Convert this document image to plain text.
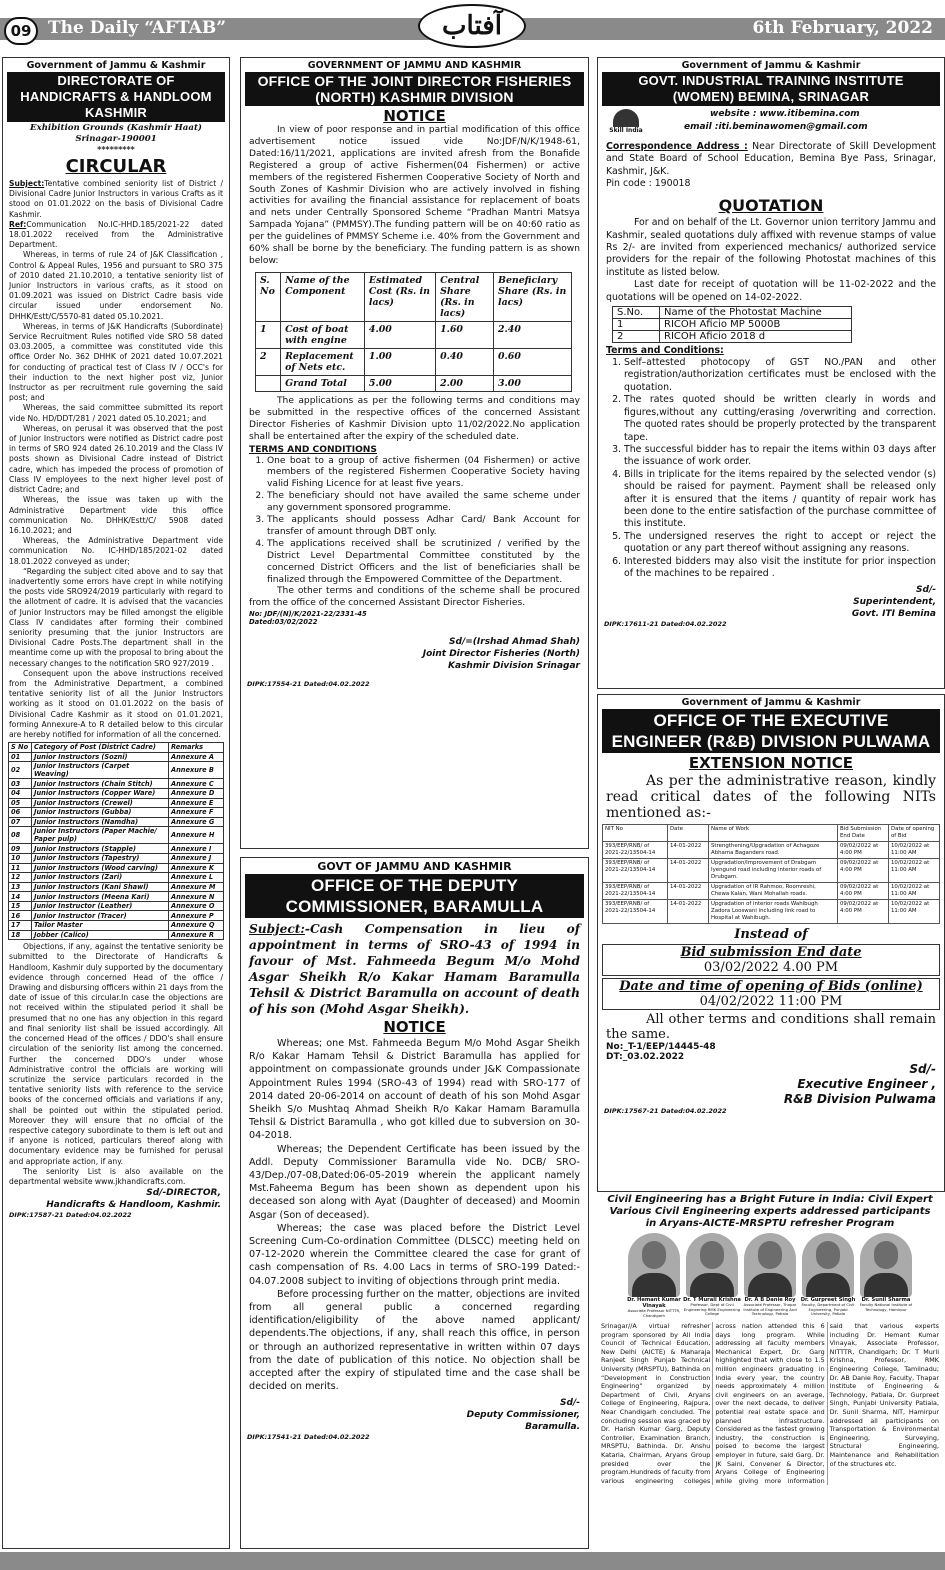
09 The Daily “AFTAB”	آفتاب	6th February, 2022
Government of Jammu & Kashmir
DIRECTORATE OF HANDICRAFTS & HANDLOOM KASHMIR
Exhibition Grounds (Kashmir Haat)
Srinagar-190001
*********
CIRCULAR

Subject:Tentative combined seniority list of District / Divisional Cadre Junior Instructors in various Crafts as it stood on 01.01.2022 on the basis of Divisional Cadre Kashmir.

Ref:Communication No.IC-HHD.185/2021-22 dated 18.01.2022 received from the Administrative Department.

Whereas, in terms of rule 24 of J&K Classification , Control & Appeal Rules, 1956 and pursuant to SRO 375 of 2010 dated 21.10.2010, a tentative seniority list of Junior Instructors in various crafts, as it stood on 01.09.2021 was issued on District Cadre basis vide circular issued under endorsement No. DHHK/Estt/C/5570-81 dated 05.10.2021.

Whereas, in terms of J&K Handicrafts (Subordinate) Service Recruitment Rules notified vide SRO 58 dated 03.03.2005, a committee was constituted vide this office Order No. 362 DHHK of 2021 dated 10.07.2021 for conducting of practical test of Class IV / OCC's for their induction to the next higher post viz, Junior Instructor as per recruitment rule governing the said post; and

Whereas, the said committee submitted its report vide No. HD/DDT/281 / 2021 dated 05.10.2021; and

Whereas, on perusal it was observed that the post of Junior Instructors were notified as District cadre post in terms of SRO 924 dated 26.10.2019 and the Class IV posts shown as Divisional Cadre instead of District cadre, which has impeded the process of promotion of Class IV employees to the next higher level post of district Cadre; and

Whereas, the issue was taken up with the Administrative Department vide this office communication No. DHHK/Estt/C/ 5908 dated 16.10.2021; and

Whereas, the Administrative Department vide communication No. IC-HHD/185/2021-02 dated 18.01.2022 conveyed as under;

“Regarding the subject cited above and to say that inadvertently some errors have crept in while notifying the posts vide SRO924/2019 particularly with regard to the allotment of cadre. It is advised that the vacancies of Junior Instructors may be filled amongst the eligible Class IV candidates after forming their combined seniority presuming that the junior Instructors are Divisional Cadre Posts.The department shall in the meantime come up with the proposal to bring about the necessary changes to the notification SRO 927/2019 .

Consequent upon the above instructions received from the Administrative Department, a combined tentative seniority list of all the Junior Instructors working as it stood on 01.01.2022 on the basis of Divisional Cadre Kashmir as it stood on 01.01.2021, forming Annexure-A to R detailed below to this circular are hereby notified for information of all the concerned.

S No	Category of Post (District Cadre)	Remarks
01	Junior Instructors (Sozni)	Annexure A
02	Junior Instructors (Carpet Weaving)	Annexure B
03	Junior Instructors (Chain Stitch)	Annexure C
04	Junior Instructors (Copper Ware)	Annexure D
05	Junior Instructors (Crewel)	Annexure E
06	Junior Instructors (Gubba)	Annexure F
07	Junior Instructors (Namdha)	Annexure G
08	Junior Instructors (Paper Machie/ Paper pulp)	Annexure H
09	Junior Instructors (Stapple)	Annexure I
10	Junior Instructors (Tapestry)	Annexure J
11	Junior Instructors (Wood carving)	Annexure K
12	Junior Instructors (Zari)	Annexure L
13	Junior Instructors (Kani Shawl)	Annexure M
14	Junior Instructors (Meena Kari)	Annexure N
15	Junior Instructor (Leather)	Annexure O
16	Junior Instructor (Tracer)	Annexure P
17	Tailor Master	Annexure Q
18	Jobber (Calico)	Annexure R

Objections, if any, against the tentative seniority be submitted to the Directorate of Handicrafts & Handloom, Kashmir duly supported by the documentary evidence through concerned Head of the office / Drawing and disbursing officers within 21 days from the date of issue of this circular.In case the objections are not received within the stipulated period it shall be presumed that no one has any objection in this regard and final seniority list shall be issued accordingly. All the concerned Head of the offices / DDO's shall ensure circulation of the seniority list among the concerned. Further the concerned DDO's under whose Administrative control the officials are working will scrutinize the service particulars recorded in the tentative seniority lists with reference to the service books of the concerned officials and variations if any, shall be pointed out within the stipulated period. Moreover they will ensure that no official of the respective category subordinate to them is left out and if anyone is noticed, particulars thereof along with documentary evidence may be furnished for perusal and appropriate action, if any.

The seniority List is also available on the departmental website www.jkhandicrafts.com.

Sd/-DIRECTOR,

Handicrafts & Handloom, Kashmir.

DIPK:17587-21 Dated:04.02.2022
GOVERNMENT OF JAMMU AND KASHMIR
OFFICE OF THE JOINT DIRECTOR FISHERIES (NORTH) KASHMIR DIVISION
NOTICE

In view of poor response and in partial modification of this office advertisement notice issued vide No:JDF/N/K/1948-61, Dated:16/11/2021, applications are invited afresh from the Bonafide Registered a group of active Fishermen(04 Fishermen) or active members of the registered Fishermen Cooperative Society of North and South Zones of Kashmir Division who are actively involved in fishing activities for availing the financial assistance for replacement of boats and nets under Centrally Sponsored Scheme “Pradhan Mantri Matsya Sampada Yojana” (PMMSY).The funding pattern will be on 40:60 ratio as per the guidelines of PMMSY Scheme i.e. 40% from the Government and 60% shall be borne by the beneficiary. The funding pattern is as shown below:

S. No	Name of the Component	Estimated Cost (Rs. in lacs)	Central Share (Rs. in lacs)	Beneficiary Share (Rs. in lacs)
1	Cost of boat with engine	4.00	1.60	2.40
2	Replacement of Nets etc.	1.00	0.40	0.60
	Grand Total	5.00	2.00	3.00

The applications as per the following terms and conditions may be submitted in the respective offices of the concerned Assistant Director Fisheries of Kashmir Division upto 11/02/2022.No application shall be entertained after the expiry of the scheduled date.

TERMS AND CONDITIONS

1. One boat to a group of active fishermen (04 Fishermen) or active members of the registered Fishermen Cooperative Society having valid Fishing Licence for at least five years.
2. The beneficiary should not have availed the same scheme under any government sponsored programme.
3. The applicants should possess Adhar Card/ Bank Account for transfer of amount through DBT only.
4. The applications received shall be scrutinized / verified by the District Level Departmental Committee constituted by the concerned District Officers and the list of beneficiaries shall be finalized through the Empowered Committee of the Department.

The other terms and conditions of the scheme shall be procured from the office of the concerned Assistant Director Fisheries.

No: JDF/(N)/K/2021-22/2331-45

Dated:03/02/2022

Sd/=(Irshad Ahmad Shah)

Joint Director Fisheries (North)

Kashmir Division Srinagar

DIPK:17554-21 Dated:04.02.2022
GOVT OF JAMMU AND KASHMIR
OFFICE OF THE DEPUTY COMMISSIONER, BARAMULLA

Subject:-Cash Compensation in lieu of appointment in terms of SRO-43 of 1994 in favour of Mst. Fahmeeda Begum M/o Mohd Asgar Sheikh R/o Kakar Hamam Baramulla Tehsil & District Baramulla on account of death of his son (Mohd Asgar Sheikh).

NOTICE

Whereas; one Mst. Fahmeeda Begum M/o Mohd Asgar Sheikh R/o Kakar Hamam Tehsil & District Baramulla has applied for appointment on compassionate grounds under J&K Compassionate Appointment Rules 1994 (SRO-43 of 1994) read with SRO-177 of 2014 dated 20-06-2014 on account of death of his son Mohd Asgar Sheikh S/o Mushtaq Ahmad Sheikh R/o Kakar Hamam Baramulla Tehsil & District Baramulla , who got killed due to subversion on 30-04-2018.

Whereas; the Dependent Certificate has been issued by the Addl. Deputy Commissioner Baramulla vide No. DCB/ SRO-43/Dep./07-08,Dated:06-05-2019 wherein the applicant namely Mst.Faheema Begum has been shown as dependent upon his deceased son along with Ayat (Daughter of deceased) and Moomin Asgar (Son of deceased).

Whereas; the case was placed before the District Level Screening Cum-Co-ordination Committee (DLSCC) meeting held on 07-12-2020 wherein the Committee cleared the case for grant of cash compensation of Rs. 4.00 Lacs in terms of SRO-199 Dated:- 04.07.2008 subject to inviting of objections through print media.

Before processing further on the matter, objections are invited from all general public a concerned regarding identification/eligibility of the above named applicant/ dependents.The objections, if any, shall reach this office, in person or through an authorized representative in written within 07 days from the date of publication of this notice. No objection shall be accepted after the expiry of stipulated time and the case shall be decided on merits.

Sd/-

Deputy Commissioner,

Baramulla.

DIPK:17541-21 Dated:04.02.2022
Government of Jammu & Kashmir
GOVT. INDUSTRIAL TRAINING INSTITUTE (WOMEN) BEMINA, SRINAGAR
Skill India
website : www.itibemina.com
email :iti.beminawomen@gmail.com

Correspondence Address : Near Directorate of Skill Development and State Board of School Education, Bemina Bye Pass, Srinagar, Kashmir, J&K.

Pin code : 190018

QUOTATION

For and on behalf of the Lt. Governor union territory Jammu and Kashmir, sealed quotations duly affixed with revenue stamps of value Rs 2/- are invited from experienced mechanics/ authorized service providers for the repair of the following Photostat machines of this institute as listed below.

Last date for receipt of quotation will be 11-02-2022 and the quotations will be opened on 14-02-2022.

S.No.	Name of the Photostat Machine
1	RICOH Aficio MP 5000B
2	RICOH Aficio 2018 d

Terms and Conditions:

1. Self–attested photocopy of GST NO./PAN and other registration/authorization certificates must be enclosed with the quotation.
2. The rates quoted should be written clearly in words and figures,without any cutting/erasing /overwriting and correction. The quoted rates should be properly protected by the transparent tape.
3. The successful bidder has to repair the items within 03 days after the issuance of work order.
4. Bills in triplicate for the items repaired by the selected vendor (s) should be raised for payment. Payment shall be released only after it is ensured that the items / quantity of repair work has been done to the entire satisfaction of the purchase committee of this institute.
5. The undersigned reserves the right to accept or reject the quotation or any part thereof without assigning any reasons.
6. Interested bidders may also visit the institute for prior inspection of the machines to be repaired .

Sd/-

Superintendent,

Govt. ITI Bemina

DIPK:17611-21 Dated:04.02.2022
Government of Jammu & Kashmir
OFFICE OF THE EXECUTIVE ENGINEER (R&B) DIVISION PULWAMA
EXTENSION NOTICE

As per the administrative reason, kindly read critical dates of the following NITs mentioned as:-

NIT No	Date	Name of Work	Bid Submission End Date	Date of opening of Bid
393/EEP/RNB/ of 2021-22/13504-14	14-01-2022	Strengthening/Upgradation of Achagoze Abhama Baganders road.	09/02/2022 at 4:00 PM	10/02/2022 at 11:00 AM
393/EEP/RNB/ of 2021-22/13504-14	14-01-2022	Upgradation/Improvement of Drabgam Iyengund road including interior roads of Drubgam.	09/02/2022 at 4:00 PM	10/02/2022 at 11:00 AM
393/EEP/RNB/ of 2021-22/13504-14	14-01-2022	Upgradation of IR Rahmoo, Roomreshi, Chewa Kalan, Wani Mohallah roads.	09/02/2022 at 4:00 PM	10/02/2022 at 11:00 AM
393/EEP/RNB/ of 2021-22/13504-14	14-01-2022	Upgradation of interior roads Wahibugh Zadora Looswani including link road to Hospital at Wahibugh.	09/02/2022 at 4:00 PM	10/02/2022 at 11:00 AM
Instead of
Bid submission End date
03/02/2022 4.00 PM
Date and time of opening of Bids (online)
04/02/2022 11:00 PM

All other terms and conditions shall remain the same.

No:_T-1/EEP/14445-48

DT:_03.02.2022

Sd/-

Executive Engineer ,

R&B Division Pulwama

DIPK:17567-21 Dated:04.02.2022
Civil Engineering has a Bright Future in India: Civil Expert Various Civil Engineering experts addressed participants in Aryans-AICTE-MRSPTU refresher Program
Dr. Hemant Kumar Vinayak
Associate Professor NITTTR, Chandigarh
Dr. T Murali Krishna
Professor, Dept of Civil Engineering RMK Engineering College
Dr. A B Danie Roy
Associate Professor, Thapar Institute of Engineering And Technology, Patiala
Dr. Gurpreet Singh
Faculty, Department of Civil Engineering, Punjabi University, Patiala
Dr. Sunil Sharma
Faculty National Institute of Technology, Hamirpur
Srinagar//A virtual refresher program sponsored by All India Council of Technical Education, New Delhi (AICTE) & Maharaja Ranjeet Singh Punjab Technical University (MRSPTU), Bathinda on “Development in Construction Engineering” organized by Department of Civil, Aryans College of Engineering, Rajpura, Near Chandigarh concluded. The concluding session was graced by Dr. Harish Kumar Garg, Deputy Controller, Examination Branch, MRSPTU, Bathinda. Dr. Anshu Kataria, Chairman, Aryans Group presided over the program.Hundreds of faculty from various engineering colleges across nation attended this 6 days long program. While addressing all faculty members Mechanical Expert, Dr. Garg highlighted that with close to 1.5 million engineers graduating in India every year, the country needs approximately 4 million civil engineers on an average, over the next decade, to deliver potential real estate space and planned infrastructure. Considered as the fastest growing industry, the construction is poised to become the largest employer in future, said Garg. Dr. JK Saini, Convener & Director, Aryans College of Engineering while giving more information said that various experts including Dr. Hemant Kumar Vinayak, Associate Professor, NITTTR, Chandigarh; Dr. T Murli Krishna, Professor, RMK Engineering College, Tamilnadu; Dr. AB Danie Roy, Faculty, Thapar Institute of Engineering & Technology, Patiala, Dr. Gurpreet Singh, Punjabi University Patiala, Dr. Sunil Sharma, NIT, Hamirpur addressed all participants on Transportation & Environmental Engineering, Surveying, Structural Engineering, Maintenance and Rehabilitation of the structures etc.
